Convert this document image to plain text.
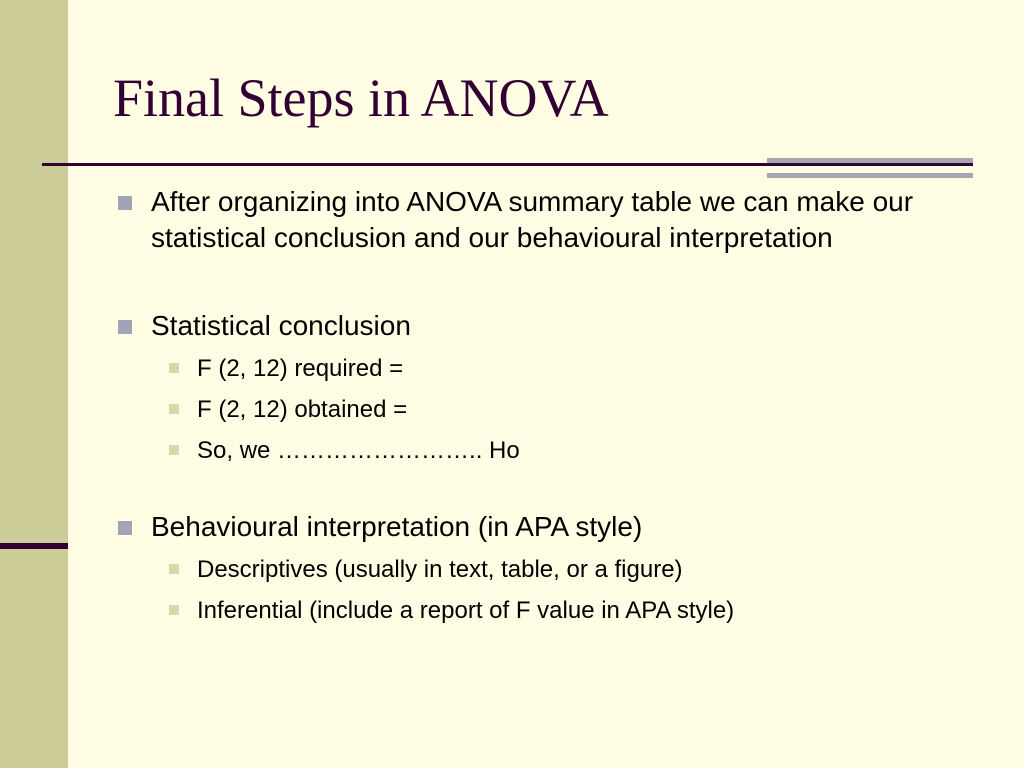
Final Steps in ANOVA
After organizing into ANOVA summary table we can make our statistical conclusion and our behavioural interpretation
Statistical conclusion
F (2, 12) required =
F (2, 12) obtained =
So, we …………………….. Ho
Behavioural interpretation (in APA style)
Descriptives (usually in text, table, or a figure)
Inferential (include a report of F value in APA style)
